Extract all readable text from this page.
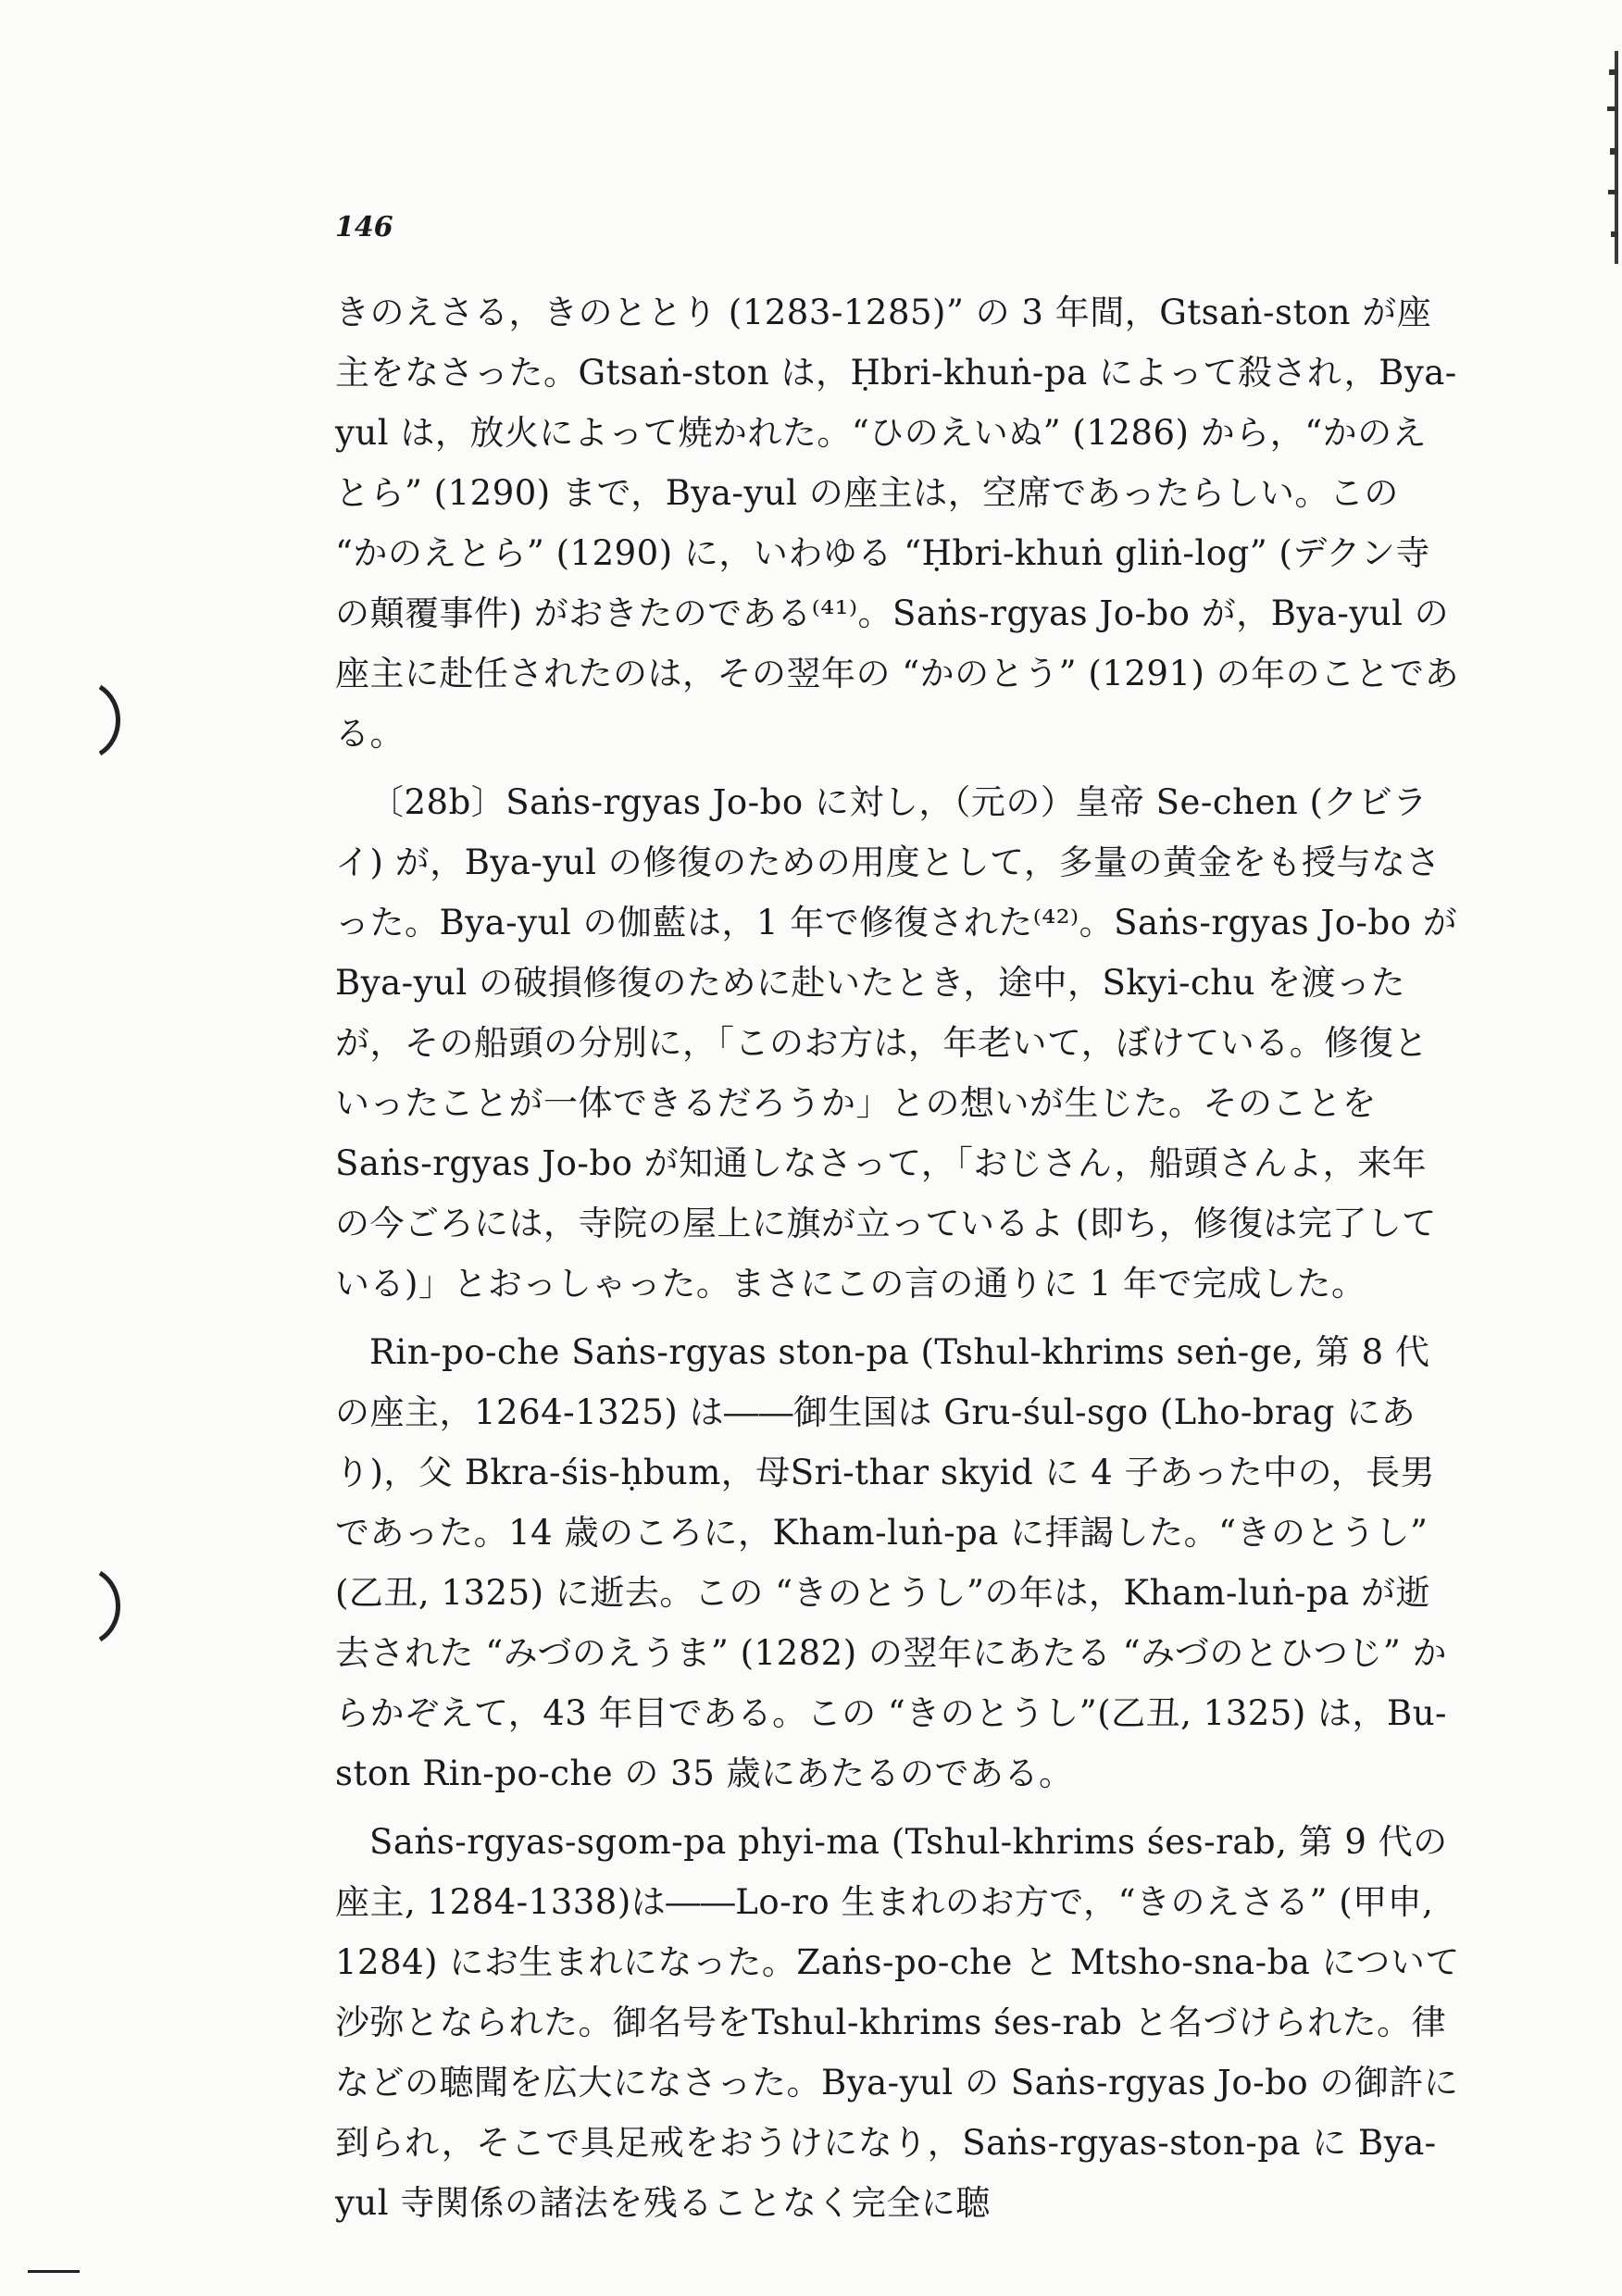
146

きのえさる，きのととり (1283-1285)” の 3 年間，Gtsaṅ-ston が座主をなさった。Gtsaṅ-ston は，Ḥbri-khuṅ-pa によって殺され，Bya-yul は，放火によって焼かれた。“ひのえいぬ” (1286) から，“かのえとら” (1290) まで，Bya-yul の座主は，空席であったらしい。この “かのえとら” (1290) に，いわゆる “Ḥbri-khuṅ gliṅ-log” (デクン寺の顛覆事件) がおきたのである⁽⁴¹⁾。Saṅs-rgyas Jo-bo が，Bya-yul の座主に赴任されたのは，その翌年の “かのとう” (1291) の年のことである。

〔28b〕Saṅs-rgyas Jo-bo に対し，（元の）皇帝 Se-chen (クビライ) が，Bya-yul の修復のための用度として，多量の黄金をも授与なさった。Bya-yul の伽藍は，1 年で修復された⁽⁴²⁾。Saṅs-rgyas Jo-bo が Bya-yul の破損修復のために赴いたとき，途中，Skyi-chu を渡ったが，その船頭の分別に，「このお方は，年老いて，ぼけている。修復といったことが一体できるだろうか」との想いが生じた。そのことを Saṅs-rgyas Jo-bo が知通しなさって，「おじさん，船頭さんよ，来年の今ごろには，寺院の屋上に旗が立っているよ (即ち，修復は完了している)」とおっしゃった。まさにこの言の通りに 1 年で完成した。

Rin-po-che Saṅs-rgyas ston-pa (Tshul-khrims seṅ-ge, 第 8 代の座主，1264-1325) は――御生国は Gru-śul-sgo (Lho-brag にあり)，父 Bkra-śis-ḥbum，母Sri-thar skyid に 4 子あった中の，長男であった。14 歳のころに，Kham-luṅ-pa に拝謁した。“きのとうし” (乙丑, 1325) に逝去。この “きのとうし”の年は，Kham-luṅ-pa が逝去された “みづのえうま” (1282) の翌年にあたる “みづのとひつじ” からかぞえて，43 年目である。この “きのとうし”(乙丑, 1325) は，Bu-ston Rin-po-che の 35 歳にあたるのである。

Saṅs-rgyas-sgom-pa phyi-ma (Tshul-khrims śes-rab, 第 9 代の座主, 1284-1338)は――Lo-ro 生まれのお方で，“きのえさる” (甲申, 1284) にお生まれになった。Zaṅs-po-che と Mtsho-sna-ba について沙弥となられた。御名号をTshul-khrims śes-rab と名づけられた。律などの聴聞を広大になさった。Bya-yul の Saṅs-rgyas Jo-bo の御許に到られ，そこで具足戒をおうけになり，Saṅs-rgyas-ston-pa に Bya-yul 寺関係の諸法を残ることなく完全に聴
